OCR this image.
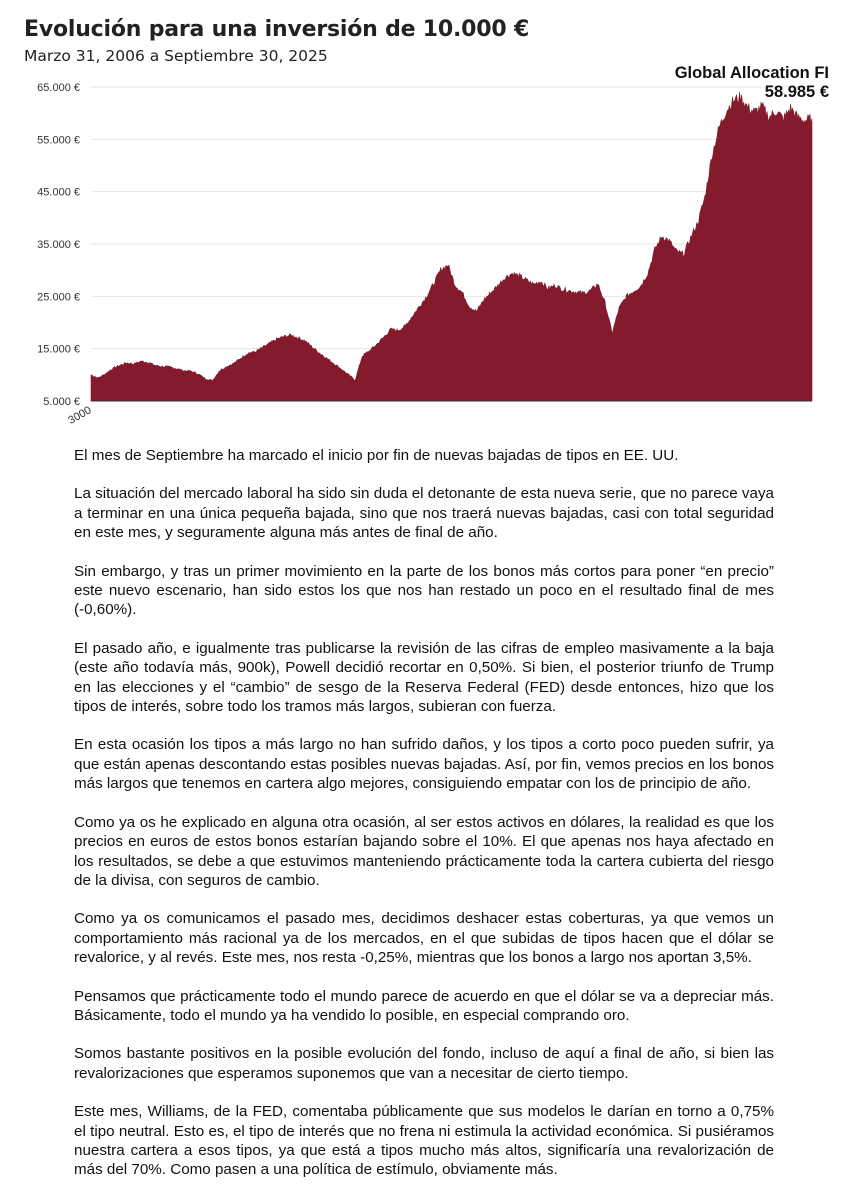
Evolución para una inversión de 10.000 €
Marzo 31, 2006 a Septiembre 30, 2025
65.000 €
55.000 €
45.000 €
35.000 €
25.000 €
15.000 €
5.000 €
3000
Global Allocation FI
58.985 €

El mes de Septiembre ha marcado el inicio por fin de nuevas bajadas de tipos en EE. UU.

La situación del mercado laboral ha sido sin duda el detonante de esta nueva serie, que no parece vaya a terminar en una única pequeña bajada, sino que nos traerá nuevas bajadas, casi con total seguridad en este mes, y seguramente alguna más antes de final de año.

Sin embargo, y tras un primer movimiento en la parte de los bonos más cortos para poner “en precio” este nuevo escenario, han sido estos los que nos han restado un poco en el resultado final de mes (-0,60%).

El pasado año, e igualmente tras publicarse la revisión de las cifras de empleo masivamente a la baja (este año todavía más, 900k), Powell decidió recortar en 0,50%. Si bien, el posterior triunfo de Trump en las elecciones y el “cambio” de sesgo de la Reserva Federal (FED) desde entonces, hizo que los tipos de interés, sobre todo los tramos más largos, subieran con fuerza.

En esta ocasión los tipos a más largo no han sufrido daños, y los tipos a corto poco pueden sufrir, ya que están apenas descontando estas posibles nuevas bajadas. Así, por fin, vemos precios en los bonos más largos que tenemos en cartera algo mejores, consiguiendo empatar con los de principio de año.

Como ya os he explicado en alguna otra ocasión, al ser estos activos en dólares, la realidad es que los precios en euros de estos bonos estarían bajando sobre el 10%. El que apenas nos haya afectado en los resultados, se debe a que estuvimos manteniendo prácticamente toda la cartera cubierta del riesgo de la divisa, con seguros de cambio.

Como ya os comunicamos el pasado mes, decidimos deshacer estas coberturas, ya que vemos un comportamiento más racional ya de los mercados, en el que subidas de tipos hacen que el dólar se revalorice, y al revés. Este mes, nos resta -0,25%, mientras que los bonos a largo nos aportan 3,5%.

Pensamos que prácticamente todo el mundo parece de acuerdo en que el dólar se va a depreciar más. Básicamente, todo el mundo ya ha vendido lo posible, en especial comprando oro.

Somos bastante positivos en la posible evolución del fondo, incluso de aquí a final de año, si bien las revalorizaciones que esperamos suponemos que van a necesitar de cierto tiempo.

Este mes, Williams, de la FED, comentaba públicamente que sus modelos le darían en torno a 0,75% el tipo neutral. Esto es, el tipo de interés que no frena ni estimula la actividad económica. Si pusiéramos nuestra cartera a esos tipos, ya que está a tipos mucho más altos, significaría una revalorización de más del 70%. Como pasen a una política de estímulo, obviamente más.
